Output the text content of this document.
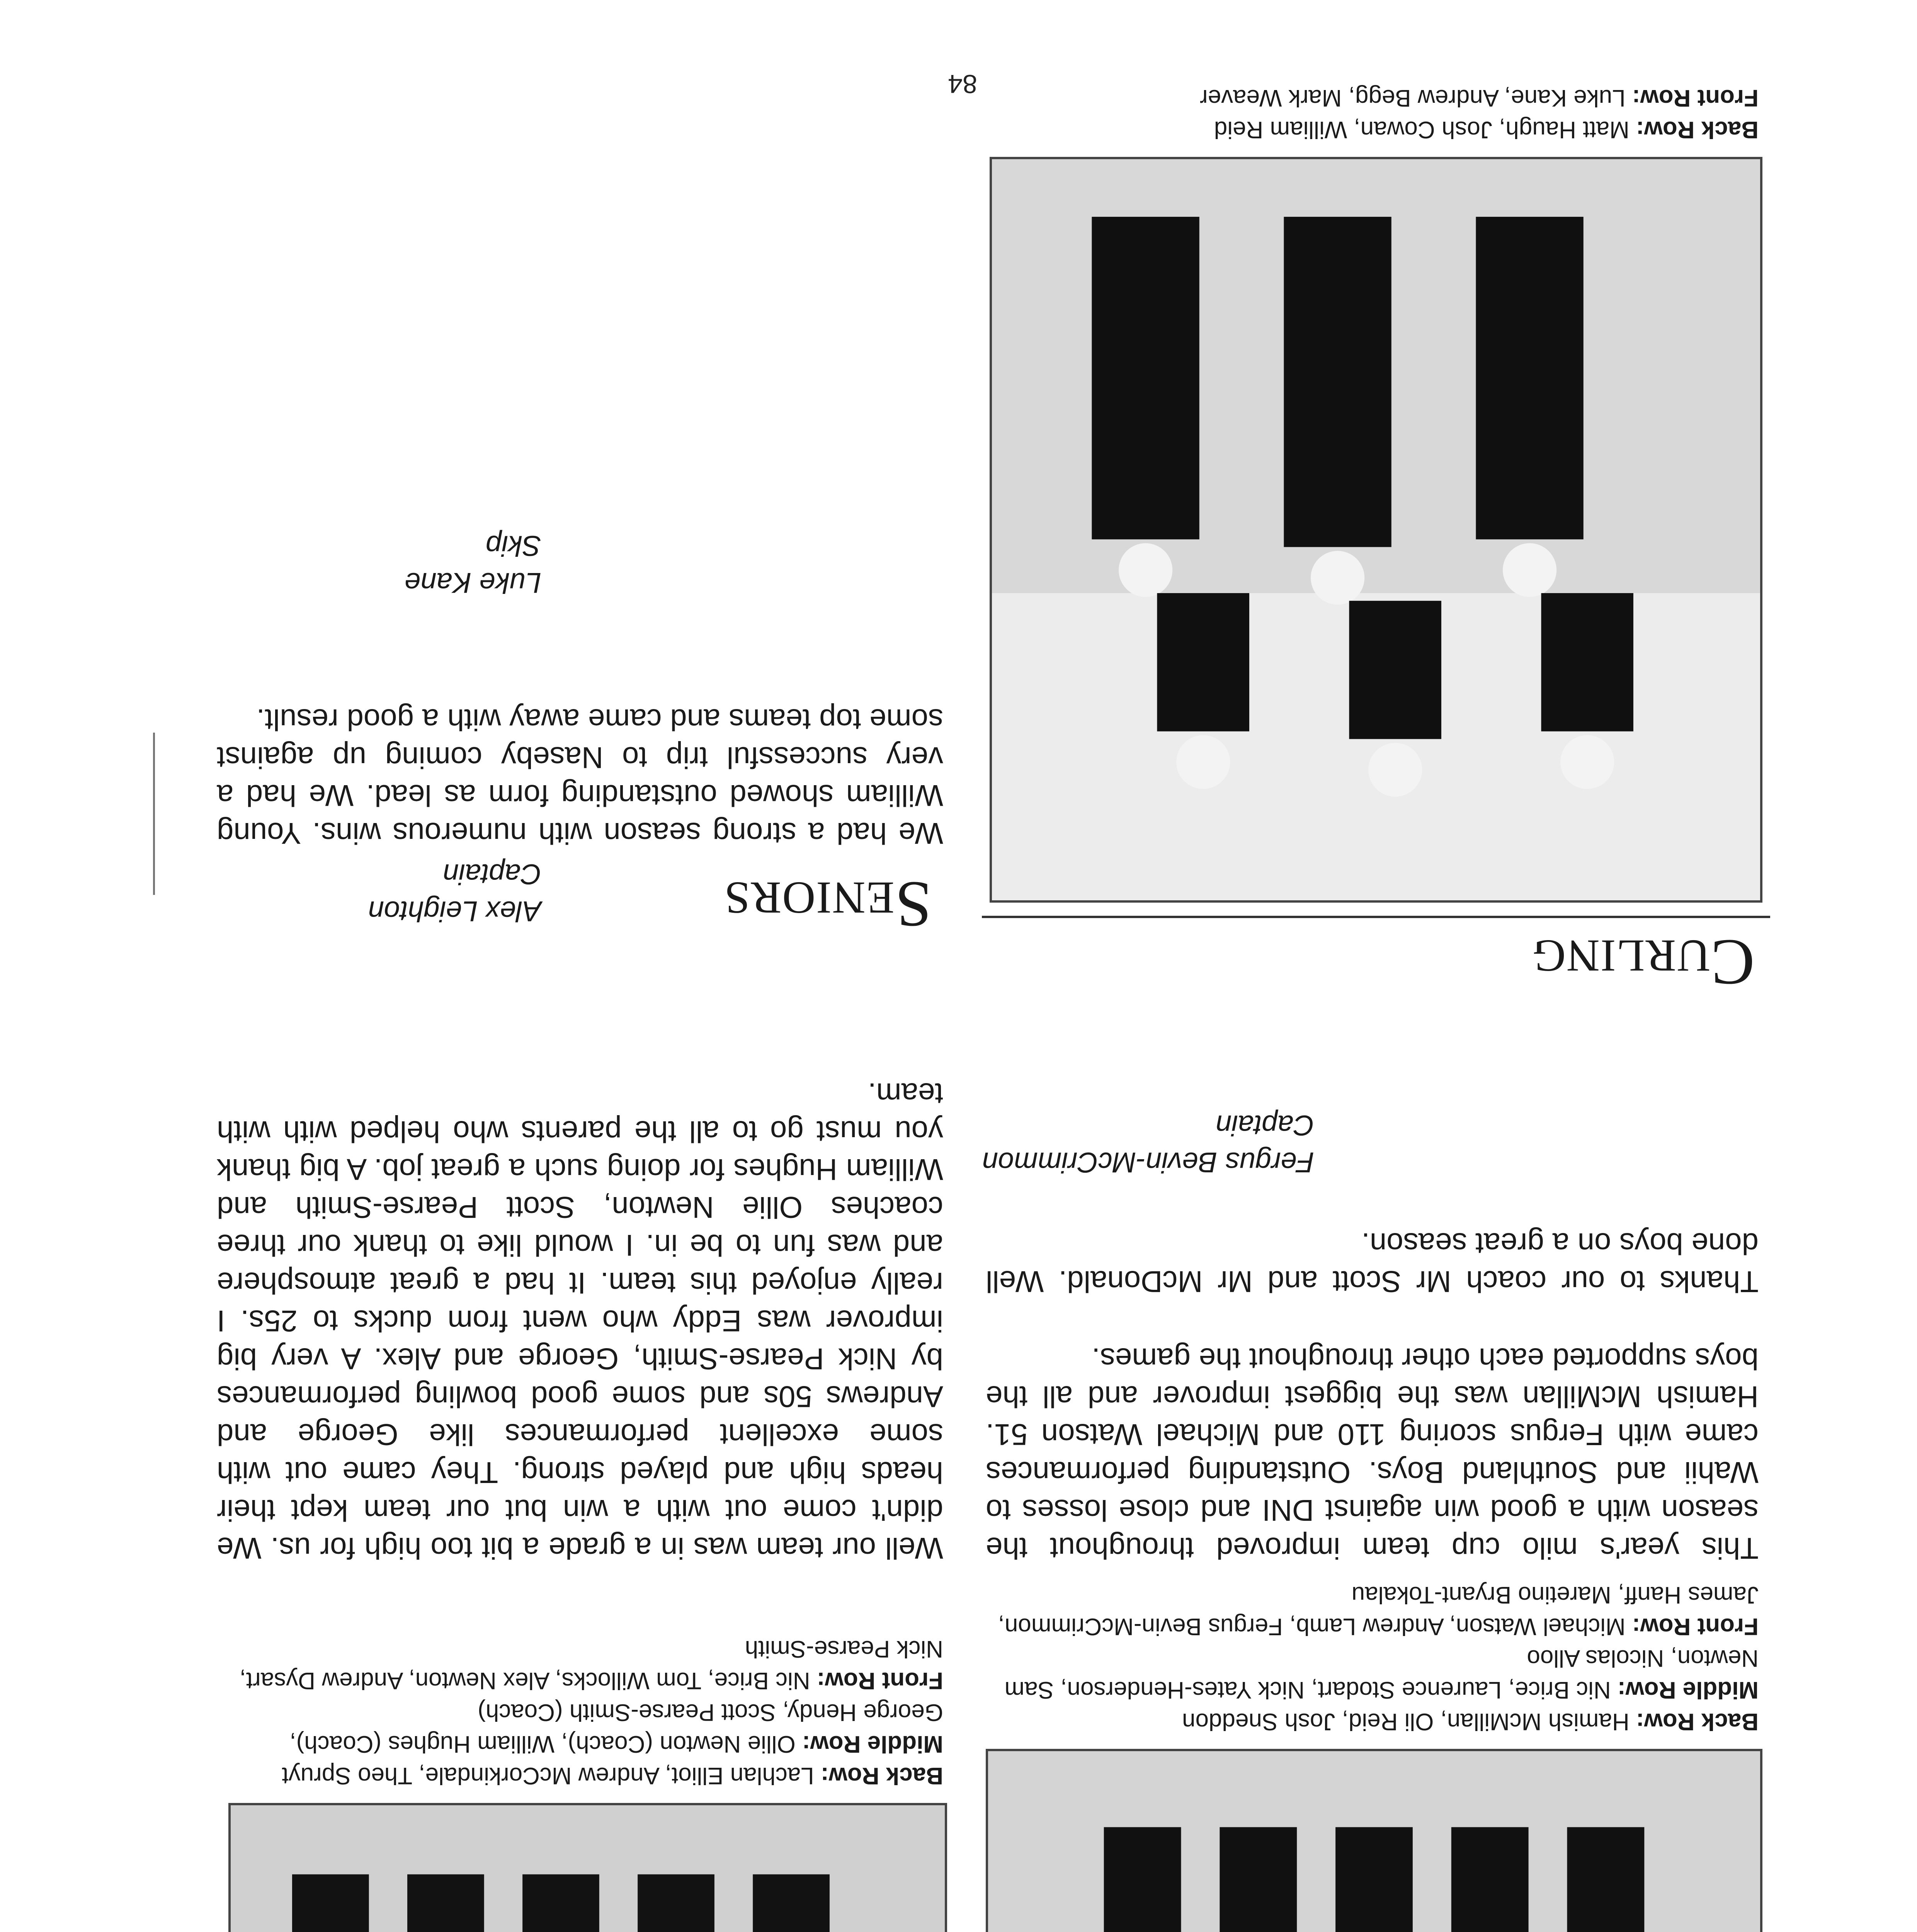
84
Back Row: Hamish McMillan, Oli Reid, Josh Sneddon
Middle Row: Nic Brice, Laurence Stodart, Nick Yates-Henderson, Sam Newton, Nicolas Alloo
Front Row: Michael Watson, Andrew Lamb, Fergus Bevin-McCrimmon, James Hanff, Maretino Bryant-Tokalau
This year's milo cup team improved throughout the season with a good win against DNI and close losses to Wahii and Southland Boys. Outstanding performances came with Fergus scoring 110 and Michael Watson 51. Hamish McMillan was the biggest improver and all the boys supported each other throughout the games.
Thanks to our coach Mr Scott and Mr McDonald. Well done boys on a great season.
Fergus Bevin-McCrimmon
Captain
Back Row: Lachlan Elliot, Andrew McCorkindale, Theo Spruyt
Middle Row: Ollie Newton (Coach), William Hughes (Coach), George Hendy, Scott Pearse-Smith (Coach)
Front Row: Nic Brice, Tom Willocks, Alex Newton, Andrew Dysart, Nick Pearse-Smith
Well our team was in a grade a bit too high for us. We didn't come out with a win but our team kept their heads high and played strong. They came out with some excellent performances like George and Andrews 50s and some good bowling performances by Nick Pearse-Smith, George and Alex. A very big improver was Eddy who went from ducks to 25s. I really enjoyed this team. It had a great atmosphere and was fun to be in. I would like to thank our three coaches Ollie Newton, Scott Pearse-Smith and William Hughes for doing such a great job. A big thank you must go to all the parents who helped with with team.
Alex Leighton
Captain
Curling
Back Row: Matt Haugh, Josh Cowan, William Reid
Front Row: Luke Kane, Andrew Begg, Mark Weaver
Seniors
We had a strong season with numerous wins. Young William showed outstanding form as lead. We had a very successful trip to Naseby coming up against some top teams and came away with a good result.
Luke Kane
Skip
